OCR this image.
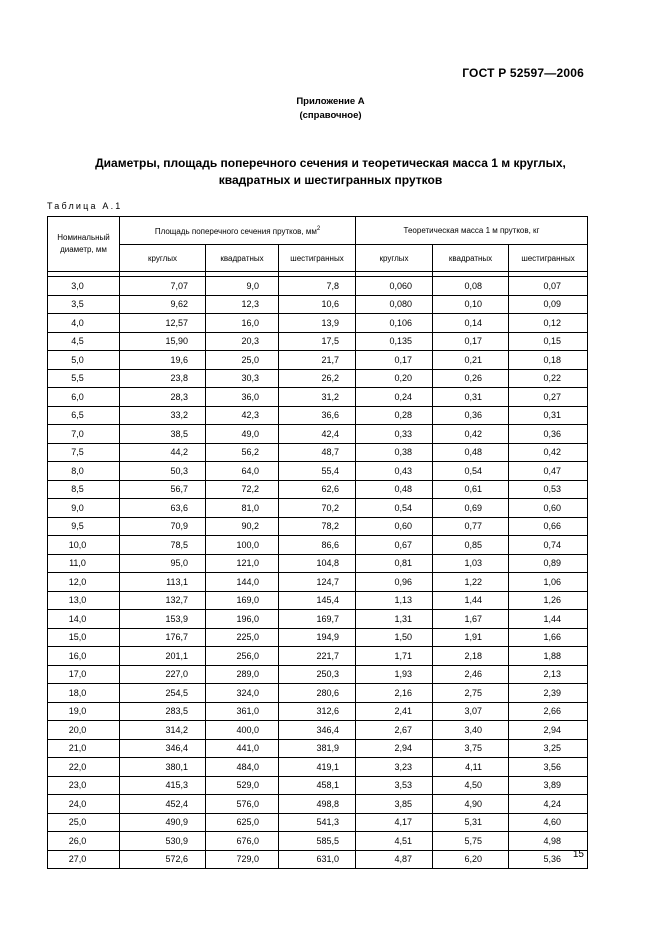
ГОСТ Р 52597—2006
Приложение А
(справочное)
Диаметры, площадь поперечного сечения и теоретическая масса 1 м круглых,
квадратных и шестигранных прутков
Таблица А.1
Номинальный диаметр, мм	Площадь поперечного сечения прутков, $мм^2$			Теоретическая масса 1 м прутков, кг		
	круглых	квадратных	шестигранных	круглых	квадратных	шестигранных

3,0	7,07	9,0	7,8	0,060	0,08	0,07
3,5	9,62	12,3	10,6	0,080	0,10	0,09
4,0	12,57	16,0	13,9	0,106	0,14	0,12
4,5	15,90	20,3	17,5	0,135	0,17	0,15
5,0	19,6	25,0	21,7	0,17	0,21	0,18
5,5	23,8	30,3	26,2	0,20	0,26	0,22
6,0	28,3	36,0	31,2	0,24	0,31	0,27
6,5	33,2	42,3	36,6	0,28	0,36	0,31
7,0	38,5	49,0	42,4	0,33	0,42	0,36
7,5	44,2	56,2	48,7	0,38	0,48	0,42
8,0	50,3	64,0	55,4	0,43	0,54	0,47
8,5	56,7	72,2	62,6	0,48	0,61	0,53
9,0	63,6	81,0	70,2	0,54	0,69	0,60
9,5	70,9	90,2	78,2	0,60	0,77	0,66
10,0	78,5	100,0	86,6	0,67	0,85	0,74
11,0	95,0	121,0	104,8	0,81	1,03	0,89
12,0	113,1	144,0	124,7	0,96	1,22	1,06
13,0	132,7	169,0	145,4	1,13	1,44	1,26
14,0	153,9	196,0	169,7	1,31	1,67	1,44
15,0	176,7	225,0	194,9	1,50	1,91	1,66
16,0	201,1	256,0	221,7	1,71	2,18	1,88
17,0	227,0	289,0	250,3	1,93	2,46	2,13
18,0	254,5	324,0	280,6	2,16	2,75	2,39
19,0	283,5	361,0	312,6	2,41	3,07	2,66
20,0	314,2	400,0	346,4	2,67	3,40	2,94
21,0	346,4	441,0	381,9	2,94	3,75	3,25
22,0	380,1	484,0	419,1	3,23	4,11	3,56
23,0	415,3	529,0	458,1	3,53	4,50	3,89
24,0	452,4	576,0	498,8	3,85	4,90	4,24
25,0	490,9	625,0	541,3	4,17	5,31	4,60
26,0	530,9	676,0	585,5	4,51	5,75	4,98
27,0	572,6	729,0	631,0	4,87	6,20	5,36 15
